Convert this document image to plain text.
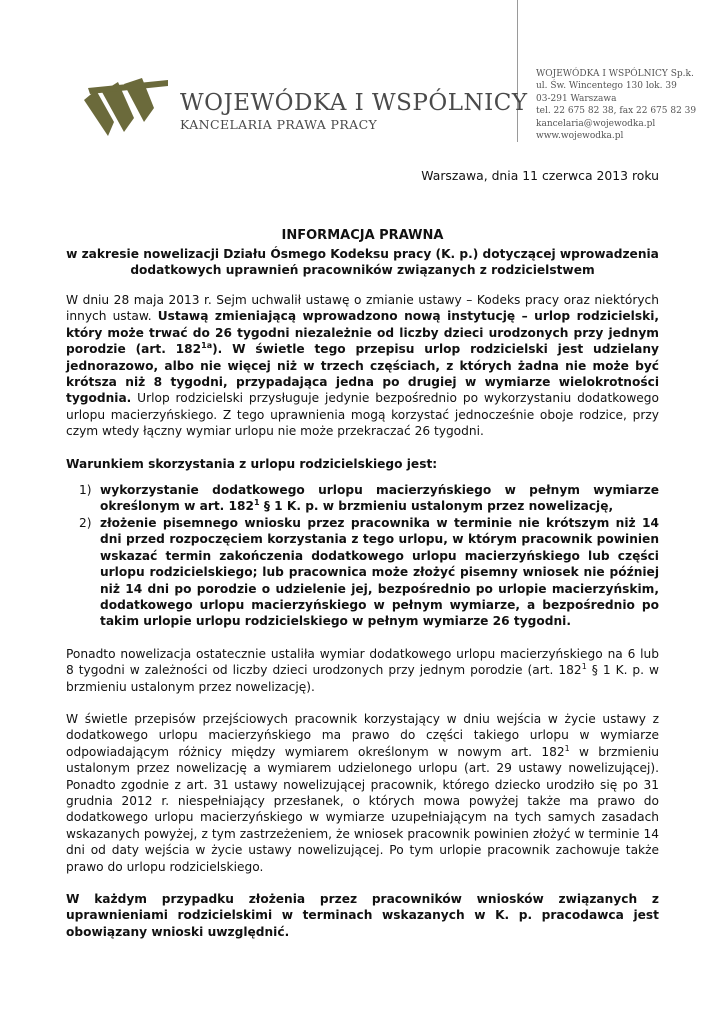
WOJEWÓDKA I WSPÓLNICY
KANCELARIA PRAWA PRACY
WOJEWÓDKA I WSPÓLNICY Sp.k.
ul. Św. Wincentego 130 lok. 39
03-291 Warszawa
tel. 22 675 82 38, fax 22 675 82 39
kancelaria@wojewodka.pl
www.wojewodka.pl
Warszawa, dnia 11 czerwca 2013 roku
INFORMACJA PRAWNA
w zakresie nowelizacji Działu Ósmego Kodeksu pracy (K. p.) dotyczącej wprowadzenia dodatkowych uprawnień pracowników związanych z rodzicielstwem

W dniu 28 maja 2013 r. Sejm uchwalił ustawę o zmianie ustawy – Kodeks pracy oraz niektórych innych ustaw. Ustawą zmieniającą wprowadzono nową instytucję – urlop rodzicielski, który może trwać do 26 tygodni niezależnie od liczby dzieci urodzonych przy jednym porodzie (art. $182^{1a}$). W świetle tego przepisu urlop rodzicielski jest udzielany jednorazowo, albo nie więcej niż w trzech częściach, z których żadna nie może być krótsza niż 8 tygodni, przypadająca jedna po drugiej w wymiarze wielokrotności tygodnia. Urlop rodzicielski przysługuje jedynie bezpośrednio po wykorzystaniu dodatkowego urlopu macierzyńskiego. Z tego uprawnienia mogą korzystać jednocześnie oboje rodzice, przy czym wtedy łączny wymiar urlopu nie może przekraczać 26 tygodni.

Warunkiem skorzystania z urlopu rodzicielskiego jest:

1) wykorzystanie dodatkowego urlopu macierzyńskiego w pełnym wymiarze określonym w art. $182^1$ § 1 K. p. w brzmieniu ustalonym przez nowelizację,
2) złożenie pisemnego wniosku przez pracownika w terminie nie krótszym niż 14 dni przed rozpoczęciem korzystania z tego urlopu, w którym pracownik powinien wskazać termin zakończenia dodatkowego urlopu macierzyńskiego lub części urlopu rodzicielskiego; lub pracownica może złożyć pisemny wniosek nie później niż 14 dni po porodzie o udzielenie jej, bezpośrednio po urlopie macierzyńskim, dodatkowego urlopu macierzyńskiego w pełnym wymiarze, a bezpośrednio po takim urlopie urlopu rodzicielskiego w pełnym wymiarze 26 tygodni.

Ponadto nowelizacja ostatecznie ustaliła wymiar dodatkowego urlopu macierzyńskiego na 6 lub 8 tygodni w zależności od liczby dzieci urodzonych przy jednym porodzie (art. $182^1$ § 1 K. p. w brzmieniu ustalonym przez nowelizację).

W świetle przepisów przejściowych pracownik korzystający w dniu wejścia w życie ustawy z dodatkowego urlopu macierzyńskiego ma prawo do części takiego urlopu w wymiarze odpowiadającym różnicy między wymiarem określonym w nowym art. $182^1$ w brzmieniu ustalonym przez nowelizację a wymiarem udzielonego urlopu (art. 29 ustawy nowelizującej). Ponadto zgodnie z art. 31 ustawy nowelizującej pracownik, którego dziecko urodziło się po 31 grudnia 2012 r. niespełniający przesłanek, o których mowa powyżej także ma prawo do dodatkowego urlopu macierzyńskiego w wymiarze uzupełniającym na tych samych zasadach wskazanych powyżej, z tym zastrzeżeniem, że wniosek pracownik powinien złożyć w terminie 14 dni od daty wejścia w życie ustawy nowelizującej. Po tym urlopie pracownik zachowuje także prawo do urlopu rodzicielskiego.

W każdym przypadku złożenia przez pracowników wniosków związanych z uprawnieniami rodzicielskimi w terminach wskazanych w K. p. pracodawca jest obowiązany wnioski uwzględnić.
